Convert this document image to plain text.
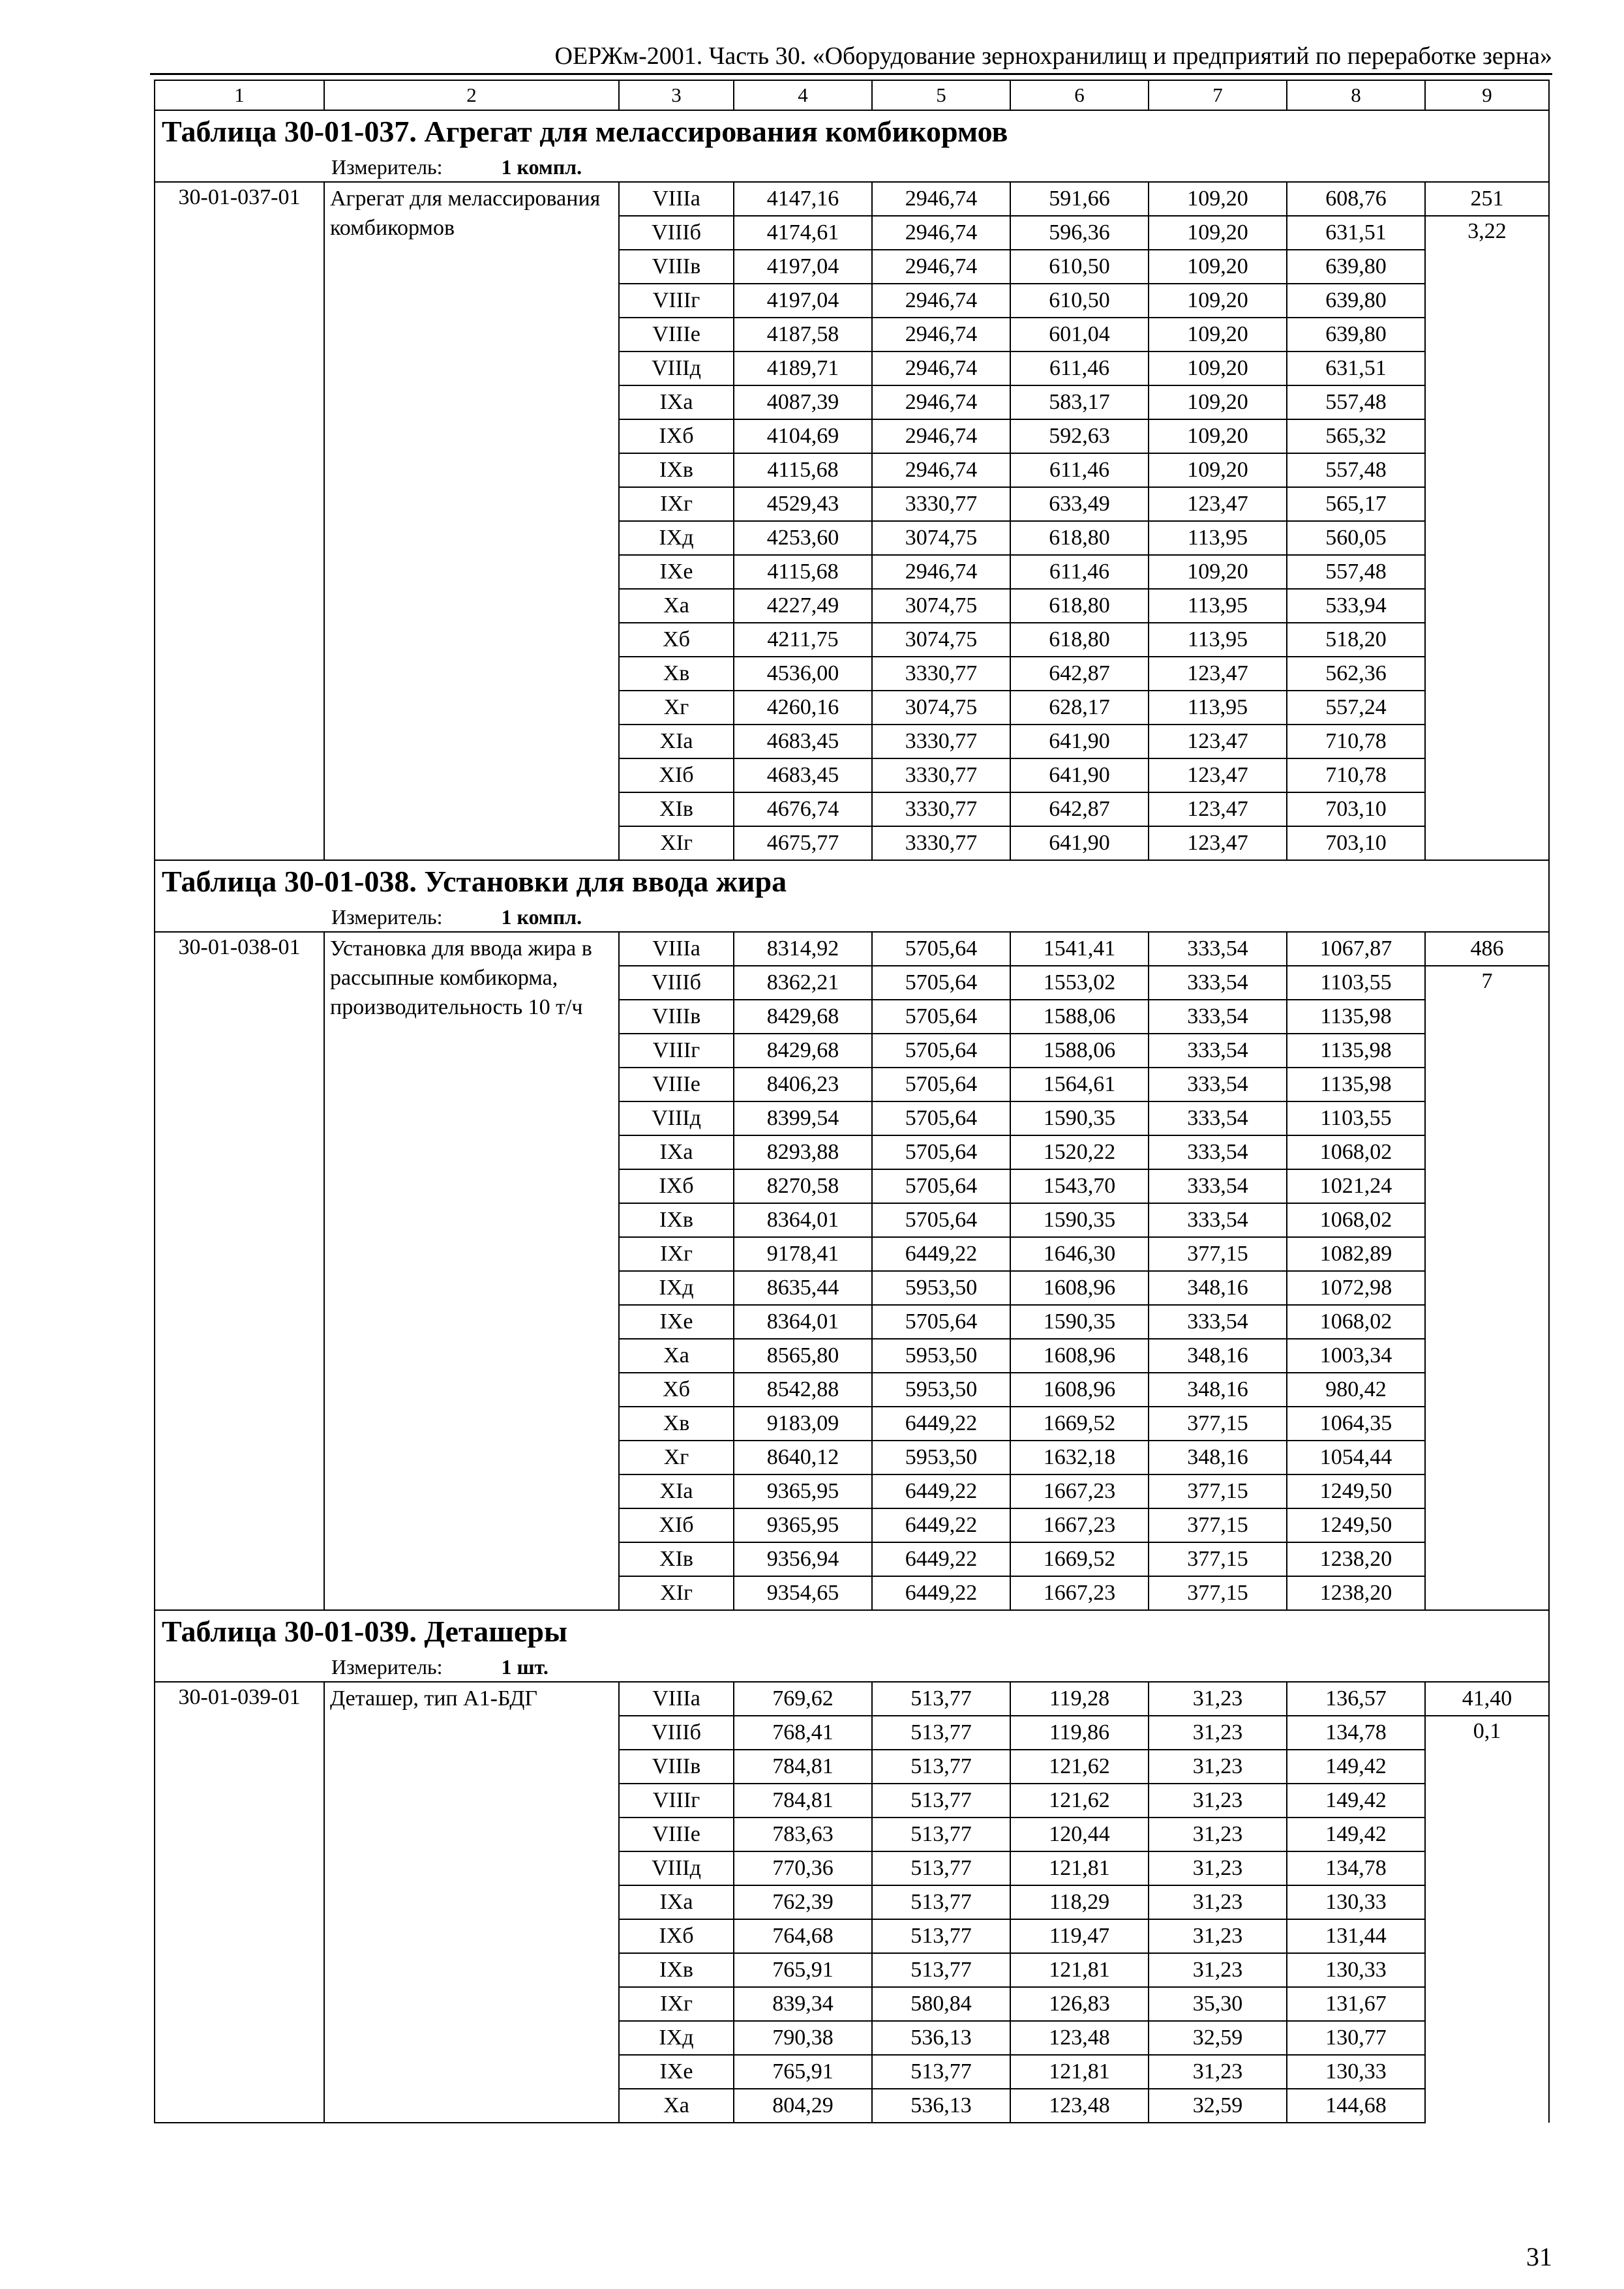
ОЕРЖм-2001. Часть 30. «Оборудование зернохранилищ и предприятий по переработке зерна»
1	2	3	4	5	6	7	8	9
Таблица 30-01-037. Агрегат для мелассирования комбикормов								
Измеритель: 1 компл.								
30-01-037-01	Агрегат для мелассирования комбикормов	VIIIа	4147,16	2946,74	591,66	109,20	608,76	251
		VIIIб	4174,61	2946,74	596,36	109,20	631,51	3,22
		VIIIв	4197,04	2946,74	610,50	109,20	639,80	
		VIIIг	4197,04	2946,74	610,50	109,20	639,80	
		VIIIе	4187,58	2946,74	601,04	109,20	639,80	
		VIIIд	4189,71	2946,74	611,46	109,20	631,51	
		IXа	4087,39	2946,74	583,17	109,20	557,48	
		IXб	4104,69	2946,74	592,63	109,20	565,32	
		IXв	4115,68	2946,74	611,46	109,20	557,48	
		IXг	4529,43	3330,77	633,49	123,47	565,17	
		IXд	4253,60	3074,75	618,80	113,95	560,05	
		IXе	4115,68	2946,74	611,46	109,20	557,48	
		Xа	4227,49	3074,75	618,80	113,95	533,94	
		Xб	4211,75	3074,75	618,80	113,95	518,20	
		Xв	4536,00	3330,77	642,87	123,47	562,36	
		Xг	4260,16	3074,75	628,17	113,95	557,24	
		XIа	4683,45	3330,77	641,90	123,47	710,78	
		XIб	4683,45	3330,77	641,90	123,47	710,78	
		XIв	4676,74	3330,77	642,87	123,47	703,10	
		XIг	4675,77	3330,77	641,90	123,47	703,10	
Таблица 30-01-038. Установки для ввода жира								
Измеритель: 1 компл.								
30-01-038-01	Установка для ввода жира в рассыпные комбикорма, производительность 10 т/ч	VIIIа	8314,92	5705,64	1541,41	333,54	1067,87	486
		VIIIб	8362,21	5705,64	1553,02	333,54	1103,55	7
		VIIIв	8429,68	5705,64	1588,06	333,54	1135,98	
		VIIIг	8429,68	5705,64	1588,06	333,54	1135,98	
		VIIIе	8406,23	5705,64	1564,61	333,54	1135,98	
		VIIIд	8399,54	5705,64	1590,35	333,54	1103,55	
		IXа	8293,88	5705,64	1520,22	333,54	1068,02	
		IXб	8270,58	5705,64	1543,70	333,54	1021,24	
		IXв	8364,01	5705,64	1590,35	333,54	1068,02	
		IXг	9178,41	6449,22	1646,30	377,15	1082,89	
		IXд	8635,44	5953,50	1608,96	348,16	1072,98	
		IXе	8364,01	5705,64	1590,35	333,54	1068,02	
		Xа	8565,80	5953,50	1608,96	348,16	1003,34	
		Xб	8542,88	5953,50	1608,96	348,16	980,42	
		Xв	9183,09	6449,22	1669,52	377,15	1064,35	
		Xг	8640,12	5953,50	1632,18	348,16	1054,44	
		XIа	9365,95	6449,22	1667,23	377,15	1249,50	
		XIб	9365,95	6449,22	1667,23	377,15	1249,50	
		XIв	9356,94	6449,22	1669,52	377,15	1238,20	
		XIг	9354,65	6449,22	1667,23	377,15	1238,20	
Таблица 30-01-039. Деташеры								
Измеритель: 1 шт.								
30-01-039-01	Деташер, тип А1-БДГ	VIIIа	769,62	513,77	119,28	31,23	136,57	41,40
		VIIIб	768,41	513,77	119,86	31,23	134,78	0,1
		VIIIв	784,81	513,77	121,62	31,23	149,42	
		VIIIг	784,81	513,77	121,62	31,23	149,42	
		VIIIе	783,63	513,77	120,44	31,23	149,42	
		VIIIд	770,36	513,77	121,81	31,23	134,78	
		IXа	762,39	513,77	118,29	31,23	130,33	
		IXб	764,68	513,77	119,47	31,23	131,44	
		IXв	765,91	513,77	121,81	31,23	130,33	
		IXг	839,34	580,84	126,83	35,30	131,67	
		IXд	790,38	536,13	123,48	32,59	130,77	
		IXе	765,91	513,77	121,81	31,23	130,33	
		Xа	804,29	536,13	123,48	32,59	144,68	
31
